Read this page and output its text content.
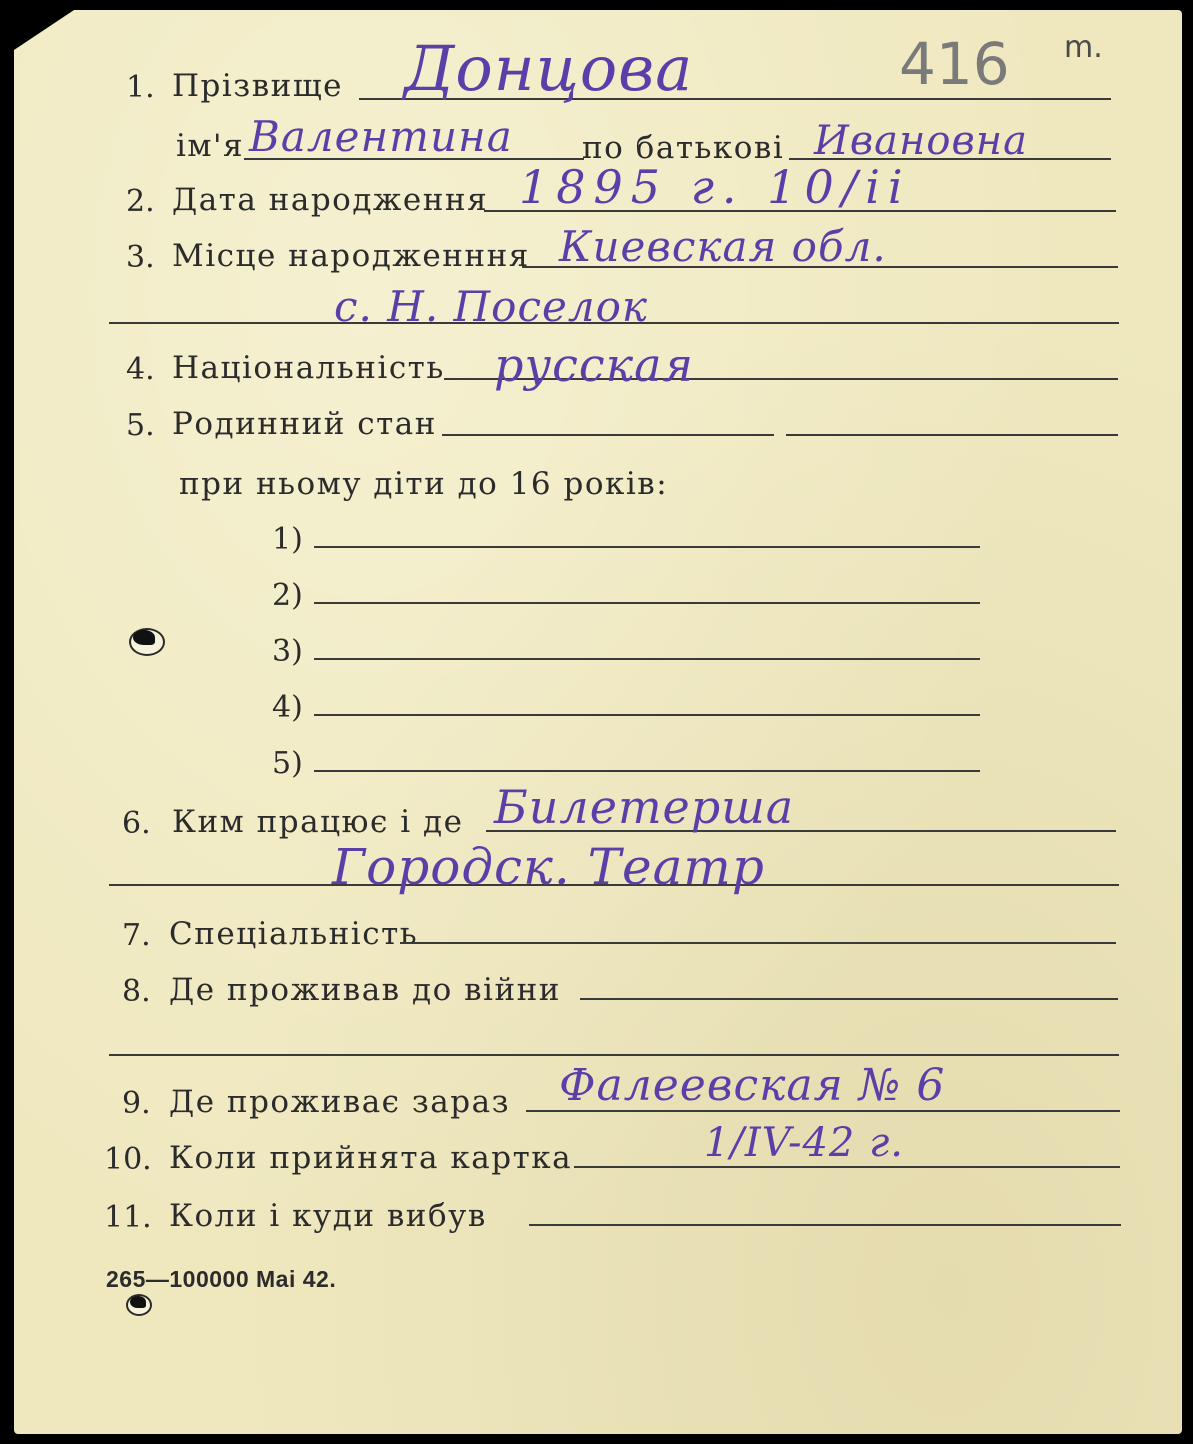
416 m.
1. Прізвище Донцова
ім'я Валентина по батькові Ивановна
2. Дата народження 1895 г. 10/ii
3. Місце народженння Киевская обл.
с. Н. Поселок
4. Національність русская
5. Родинний стан
при ньому діти до 16 років:
1)
2)
3)
4)
5)
6. Ким працює і де Билетерша
Городск. Театр
7. Спеціальність
8. Де проживав до війни
9. Де проживає зараз Фалеевская № 6
10. Коли прийнята картка	1/IV-42 г.
11. Коли і куди вибув
265—100000 Mai 42.
